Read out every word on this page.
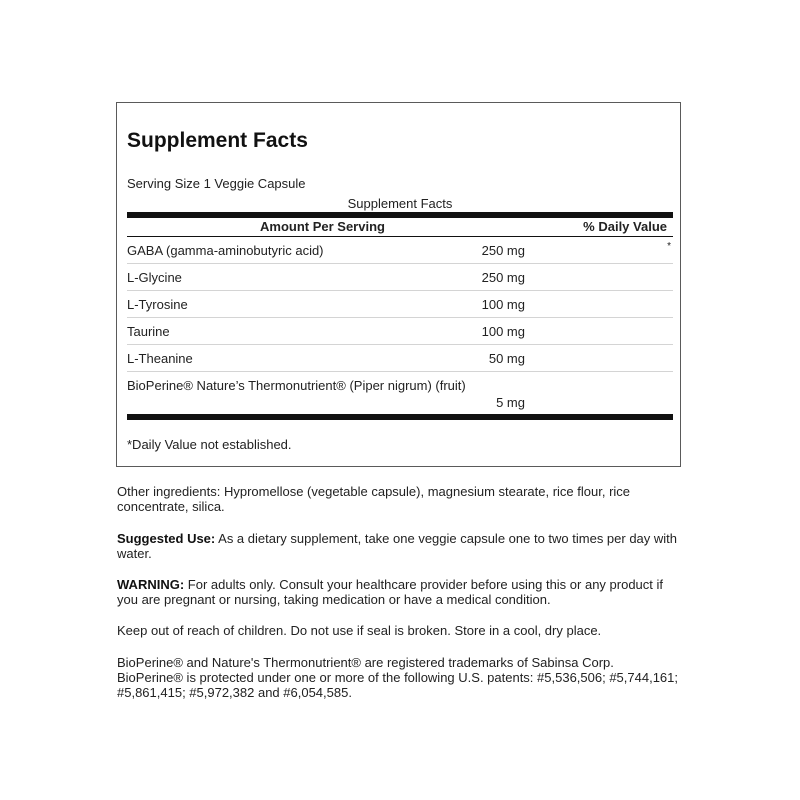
Supplement Facts
Serving Size 1 Veggie Capsule
Supplement Facts
Amount Per Serving	% Daily Value
GABA (gamma-aminobutyric acid)	250 mg	*
L-Glycine	250 mg
L-Tyrosine	100 mg
Taurine	100 mg
L-Theanine	50 mg
BioPerine® Nature’s Thermonutrient® (Piper nigrum) (fruit)
5 mg
*Daily Value not established.
Other ingredients: Hypromellose (vegetable capsule), magnesium stearate, rice flour, rice concentrate, silica.
Suggested Use: As a dietary supplement, take one veggie capsule one to two times per day with water.
WARNING: For adults only. Consult your healthcare provider before using this or any product if you are pregnant or nursing, taking medication or have a medical condition.
Keep out of reach of children. Do not use if seal is broken. Store in a cool, dry place.
BioPerine® and Nature's Thermonutrient® are registered trademarks of Sabinsa Corp.
BioPerine® is protected under one or more of the following U.S. patents: #5,536,506; #5,744,161; #5,861,415; #5,972,382 and #6,054,585.
